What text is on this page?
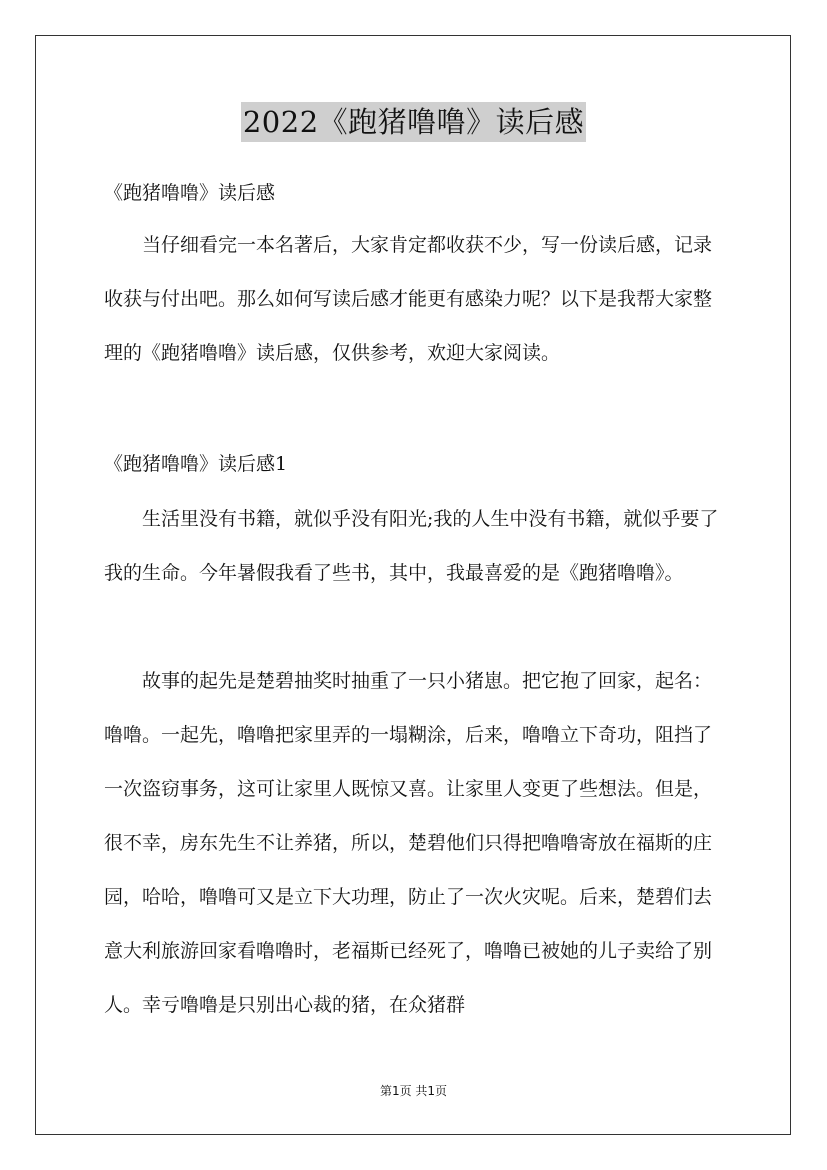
2022《跑猪噜噜》读后感
《跑猪噜噜》读后感

当仔细看完一本名著后，大家肯定都收获不少，写一份读后感，记录收获与付出吧。那么如何写读后感才能更有感染力呢？以下是我帮大家整理的《跑猪噜噜》读后感，仅供参考，欢迎大家阅读。

《跑猪噜噜》读后感1

生活里没有书籍，就似乎没有阳光;我的人生中没有书籍，就似乎要了我的生命。今年暑假我看了些书，其中，我最喜爱的是《跑猪噜噜》。

故事的起先是楚碧抽奖时抽重了一只小猪崽。把它抱了回家，起名：噜噜。一起先，噜噜把家里弄的一塌糊涂，后来，噜噜立下奇功，阻挡了一次盗窃事务，这可让家里人既惊又喜。让家里人变更了些想法。但是，很不幸，房东先生不让养猪，所以，楚碧他们只得把噜噜寄放在福斯的庄园，哈哈，噜噜可又是立下大功理，防止了一次火灾呢。后来，楚碧们去意大利旅游回家看噜噜时，老福斯已经死了，噜噜已被她的儿子卖给了别人。幸亏噜噜是只别出心裁的猪，在众猪群

第1页 共1页
